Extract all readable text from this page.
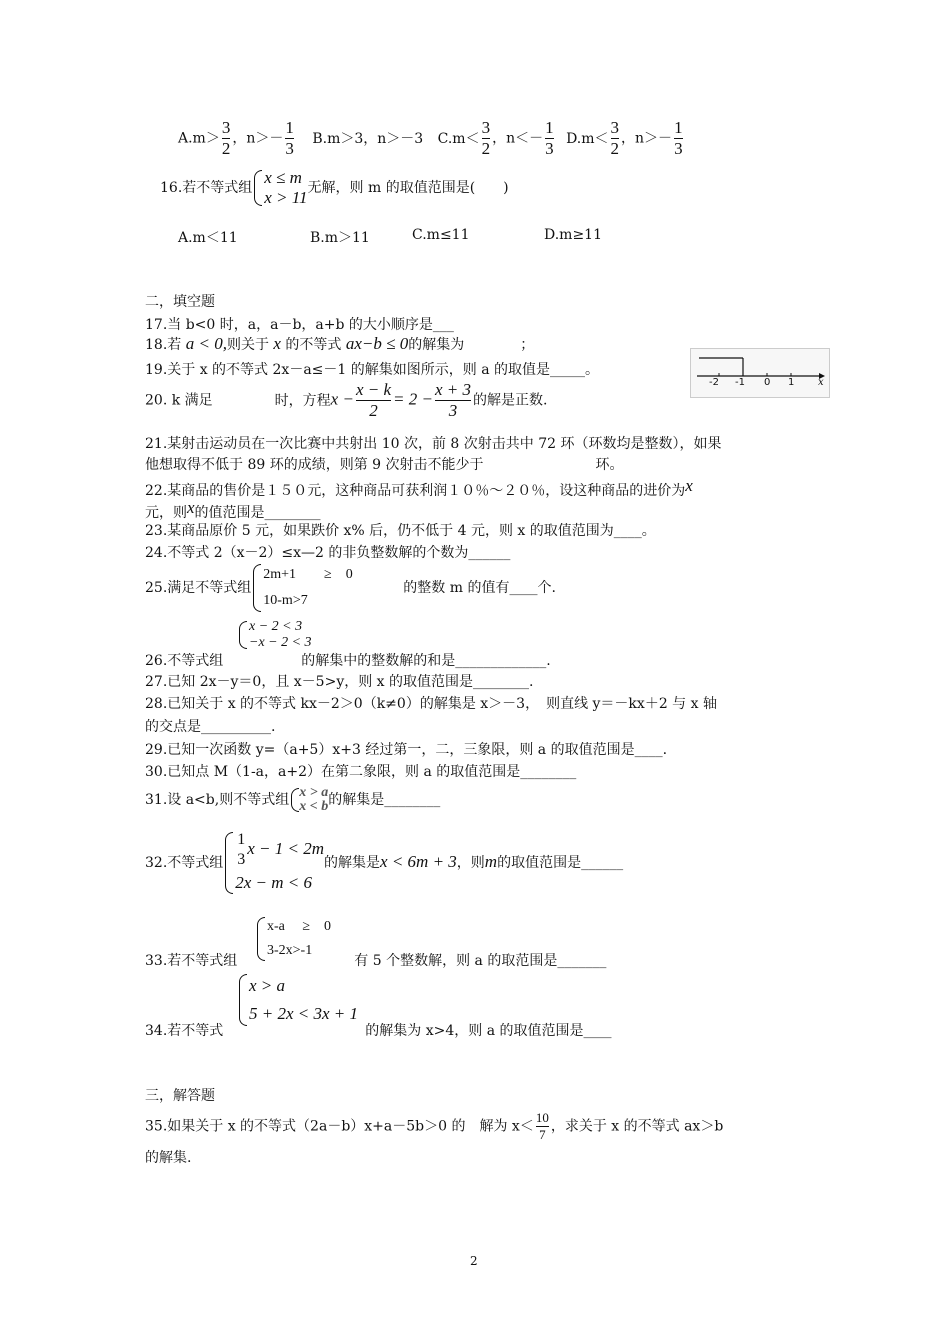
$A.m> \frac{3}{2}$ ，$n>- \frac{1}{3} B.m>3$，n＞－3 $C.m< \frac{3}{2}$ ，$n<- \frac{1}{3} D.m< \frac{3}{2}$ ，$n>- \frac{1}{3}$
16.若不等式组
x ≤ m
x > 11 无解，则 m 的取值范围是(　　)
A.m＜11	B.m＞11	C.m≤11	D.m≥11
二，填空题
17.当 b<0 时，a，a－b，a+b 的大小顺序是___
18.若 a < 0,则关于 x 的不等式 ax−b ≤ 0的解集为	；
19.关于 x 的不等式 2x－a≤－1 的解集如图所示，则 a 的取值是_____。
-2 -1 0 1 x
20. k 满足	时，方程$x - \frac{x - k}{2} = 2 - \frac{x + 3}{3}$ 的解是正数.
21.某射击运动员在一次比赛中共射出 10 次，前 8 次射击共中 72 环（环数均是整数），如果
他想取得不低于 89 环的成绩，则第 9 次射击不能少于	环。
22.某商品的售价是１５０元，这种商品可获利润１０％～２０％，设这种商品的进价为x
元，则x的值范围是________
23.某商品原价 5 元，如果跌价 x% 后，仍不低于 4 元，则 x 的取值范围为____。
24.不等式 2（x－2）≤x—2 的非负整数解的个数为______
25.满足不等式组
2m+1　　≥　0
10-m>7
的整数 m 的值有____个.
x − 2 < 3
−x − 2 < 3
26.不等式组	的解集中的整数解的和是_____________.
27.已知 2x－y＝0，且 x－5>y，则 x 的取值范围是________.
28.已知关于 x 的不等式 kx－2＞0（k≠0）的解集是 x＞－3，　则直线 y＝－kx＋2 与 x 轴
的交点是__________.
29.已知一次函数 y=（a+5）x+3 经过第一，二，三象限，则 a 的取值范围是____.
30.已知点 M（1-a，a+2）在第二象限，则 a 的取值范围是________
31.设 a<b,则不等式组 x > a
x < b 的解集是________
32.不等式组
1
3
x − 1 < 2m
2x − m < 6
的解集是x < 6m + 3，则m的取值范围是______
x-a　 ≥　0
3-2x>-1
33.若不等式组	有 5 个整数解，则 a 的取范围是_______
x > a
5 + 2x < 3x + 1
34.若不等式	的解集为 x>4，则 a 的取值范围是____
三，解答题
35.如果关于 x 的不等式（2a－b）x+a－5b＞0 的　解为 $x< \frac{10}{7}$ ，求关于 x 的不等式 ax＞b
的解集.
2
